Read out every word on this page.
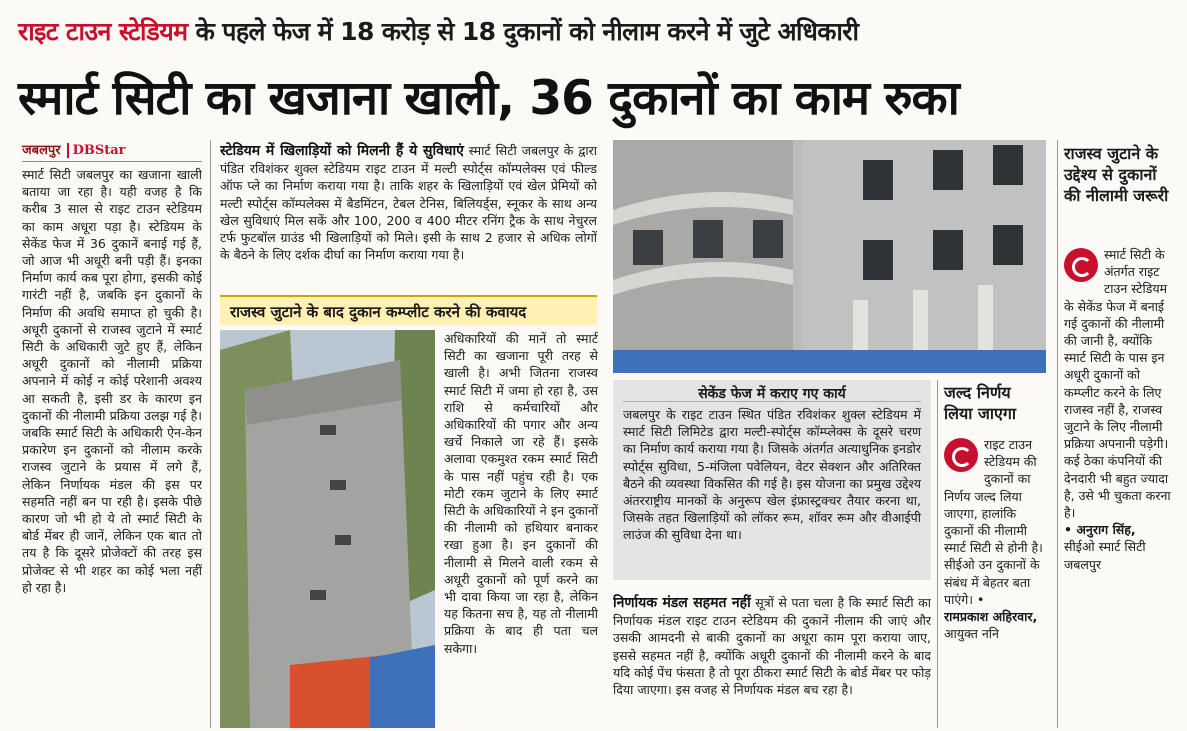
राइट टाउन स्टेडियम के पहले फेज में 18 करोड़ से 18 दुकानों को नीलाम करने में जुटे अधिकारी
स्मार्ट सिटी का खजाना खाली, 36 दुकानों का काम रुका
जबलपुर DBStar
स्मार्ट सिटी जबलपुर का खजाना खाली बताया जा रहा है। यही वजह है कि करीब 3 साल से राइट टाउन स्टेडियम का काम अधूरा पड़ा है। स्टेडियम के सेकेंड फेज में 36 दुकानें बनाई गई हैं, जो आज भी अधूरी बनी पड़ी हैं। इनका निर्माण कार्य कब पूरा होगा, इसकी कोई गारंटी नहीं है, जबकि इन दुकानों के निर्माण की अवधि समाप्त हो चुकी है। अधूरी दुकानों से राजस्व जुटाने में स्मार्ट सिटी के अधिकारी जुटे हुए हैं, लेकिन अधूरी दुकानों को नीलामी प्रक्रिया अपनाने में कोई न कोई परेशानी अवश्य आ सकती है, इसी डर के कारण इन दुकानों की नीलामी प्रक्रिया उलझ गई है। जबकि स्मार्ट सिटी के अधिकारी ऐन-केन प्रकारेण इन दुकानों को नीलाम करके राजस्व जुटाने के प्रयास में लगे हैं, लेकिन निर्णायक मंडल की इस पर सहमति नहीं बन पा रही है। इसके पीछे कारण जो भी हो ये तो स्मार्ट सिटी के बोर्ड मेंबर ही जानें, लेकिन एक बात तो तय है कि दूसरे प्रोजेक्टों की तरह इस प्रोजेक्ट से भी शहर का कोई भला नहीं हो रहा है।
स्टेडियम में खिलाड़ियों को मिलनी हैं ये सुविधाएं स्मार्ट सिटी जबलपुर के द्वारा पंडित रविशंकर शुक्ल स्टेडियम राइट टाउन में मल्टी स्पोर्ट्स कॉम्पलेक्स एवं फील्ड ऑफ प्ले का निर्माण कराया गया है। ताकि शहर के खिलाड़ियों एवं खेल प्रेमियों को मल्टी स्पोर्ट्स कॉम्पलेक्स में बैडमिंटन, टेबल टेनिस, बिलियर्ड्स, स्नूकर के साथ अन्य खेल सुविधाएं मिल सकें और 100, 200 व 400 मीटर रनिंग ट्रैक के साथ नेचुरल टर्फ फुटबॉल ग्राउंड भी खिलाड़ियों को मिले। इसी के साथ 2 हजार से अधिक लोगों के बैठने के लिए दर्शक दीर्घा का निर्माण कराया गया है।
राजस्व जुटाने के बाद दुकान कम्प्लीट करने की कवायद
अधिकारियों की मानें तो स्मार्ट सिटी का खजाना पूरी तरह से खाली है। अभी जितना राजस्व स्मार्ट सिटी में जमा हो रहा है, उस राशि से कर्मचारियों और अधिकारियों की पगार और अन्य खर्चे निकाले जा रहे हैं। इसके अलावा एकमुश्त रकम स्मार्ट सिटी के पास नहीं पहुंच रही है। एक मोटी रकम जुटाने के लिए स्मार्ट सिटी के अधिकारियों ने इन दुकानों की नीलामी को हथियार बनाकर रखा हुआ है। इन दुकानों की नीलामी से मिलने वाली रकम से अधूरी दुकानों को पूर्ण करने का भी दावा किया जा रहा है, लेकिन यह कितना सच है, यह तो नीलामी प्रक्रिया के बाद ही पता चल सकेगा।
सेकेंड फेज में कराए गए कार्य
जबलपुर के राइट टाउन स्थित पंडित रविशंकर शुक्ल स्टेडियम में स्मार्ट सिटी लिमिटेड द्वारा मल्टी-स्पोर्ट्स कॉम्प्लेक्स के दूसरे चरण का निर्माण कार्य कराया गया है। जिसके अंतर्गत अत्याधुनिक इनडोर स्पोर्ट्स सुविधा, 5-मंजिला पवेलियन, वेटर सेक्शन और अतिरिक्त बैठने की व्यवस्था विकसित की गई है। इस योजना का प्रमुख उद्देश्य अंतरराष्ट्रीय मानकों के अनुरूप खेल इंफ्रास्ट्रक्चर तैयार करना था, जिसके तहत खिलाड़ियों को लॉकर रूम, शॉवर रूम और वीआईपी लाउंज की सुविधा देना था।
निर्णायक मंडल सहमत नहीं सूत्रों से पता चला है कि स्मार्ट सिटी का निर्णायक मंडल राइट टाउन स्टेडियम की दुकानें नीलाम की जाएं और उसकी आमदनी से बाकी दुकानों का अधूरा काम पूरा कराया जाए, इससे सहमत नहीं है, क्योंकि अधूरी दुकानों की नीलामी करने के बाद यदि कोई पेंच फंसता है तो पूरा ठीकरा स्मार्ट सिटी के बोर्ड मेंबर पर फोड़ दिया जाएगा। इस वजह से निर्णायक मंडल बच रहा है।
जल्द निर्णय लिया जाएगा
राइट टाउन स्टेडियम की दुकानों का निर्णय जल्द लिया जाएगा, हालांकि दुकानों की नीलामी स्मार्ट सिटी से होनी है। सीईओ उन दुकानों के संबंध में बेहतर बता पाएंगे। •
रामप्रकाश अहिरवार,
आयुक्त ननि
राजस्व जुटाने के उद्देश्य से दुकानों की नीलामी जरूरी
स्मार्ट सिटी के अंतर्गत राइट टाउन स्टेडियम के सेकेंड फेज में बनाई गई दुकानों की नीलामी की जानी है, क्योंकि स्मार्ट सिटी के पास इन अधूरी दुकानों को कम्प्लीट करने के लिए राजस्व नहीं है, राजस्व जुटाने के लिए नीलामी प्रक्रिया अपनानी पड़ेगी। कई ठेका कंपनियों की देनदारी भी बहुत ज्यादा है, उसे भी चुकता करना है।
• अनुराग सिंह,
सीईओ स्मार्ट सिटी जबलपुर
